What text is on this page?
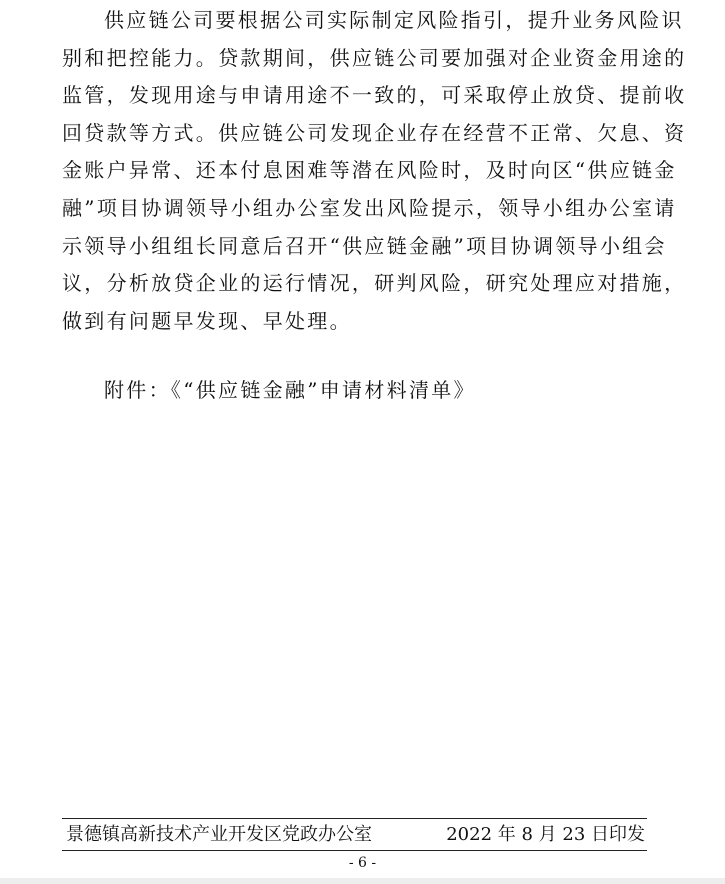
供应链公司要根据公司实际制定风险指引，提升业务风险识
别和把控能力。贷款期间，供应链公司要加强对企业资金用途的
监管，发现用途与申请用途不一致的，可采取停止放贷、提前收
回贷款等方式。供应链公司发现企业存在经营不正常、欠息、资
金账户异常、还本付息困难等潜在风险时，及时向区“供应链金
融”项目协调领导小组办公室发出风险提示，领导小组办公室请
示领导小组组长同意后召开“供应链金融”项目协调领导小组会
议，分析放贷企业的运行情况，研判风险，研究处理应对措施，
做到有问题早发现、早处理。

附件：《“供应链金融”申请材料清单》

景德镇高新技术产业开发区党政办公室	2022 年 8 月 23 日印发
- 6 -
